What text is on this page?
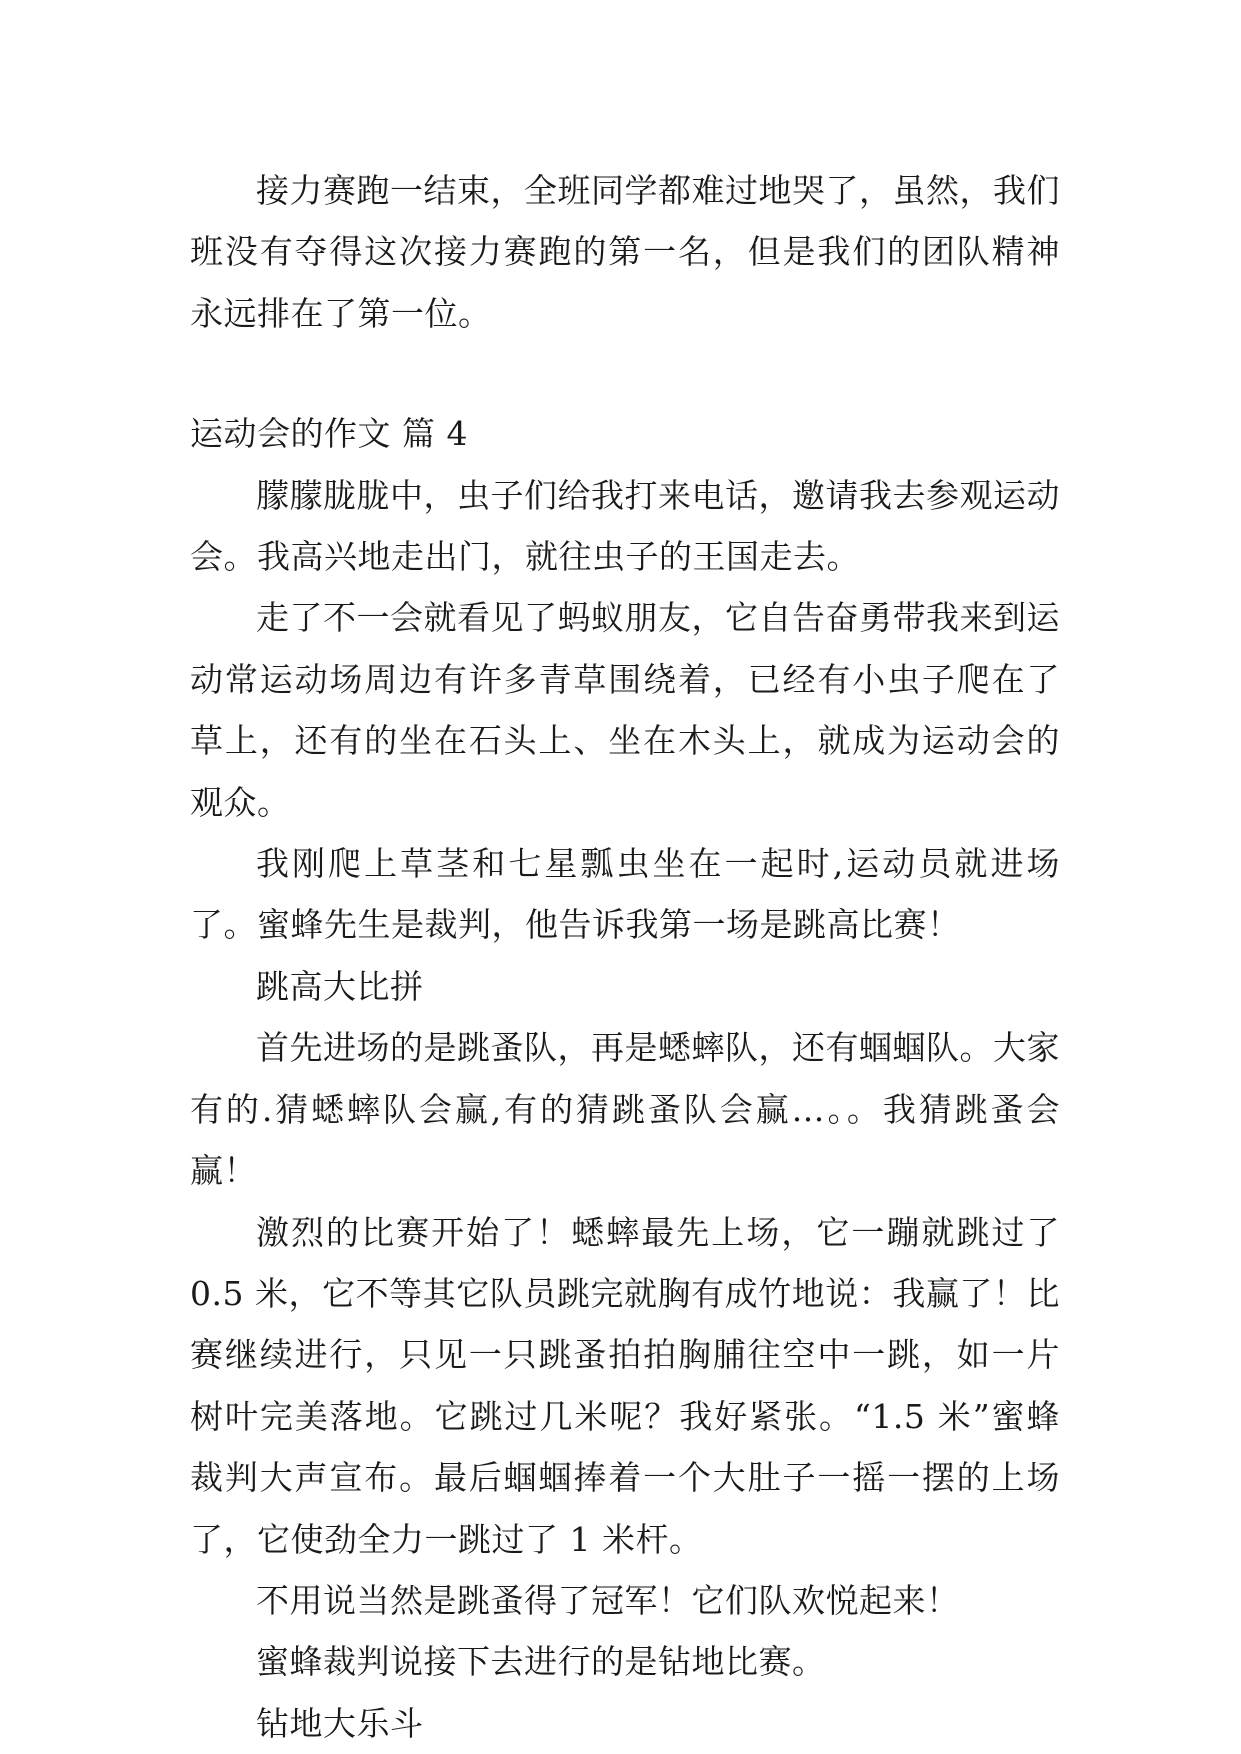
接力赛跑一结束，全班同学都难过地哭了，虽然，我们班没有夺得这次接力赛跑的第一名，但是我们的团队精神永远排在了第一位。

运动会的作文 篇 4

朦朦胧胧中，虫子们给我打来电话，邀请我去参观运动会。我高兴地走出门，就往虫子的王国走去。

走了不一会就看见了蚂蚁朋友，它自告奋勇带我来到运动常运动场周边有许多青草围绕着，已经有小虫子爬在了草上，还有的坐在石头上、坐在木头上，就成为运动会的观众。

我刚爬上草茎和七星瓢虫坐在一起时,运动员就进场了。蜜蜂先生是裁判，他告诉我第一场是跳高比赛！

跳高大比拼

首先进场的是跳蚤队，再是蟋蟀队，还有蝈蝈队。大家有的.猜蟋蟀队会赢,有的猜跳蚤队会赢…。。我猜跳蚤会赢！

激烈的比赛开始了！蟋蟀最先上场，它一蹦就跳过了 0.5 米，它不等其它队员跳完就胸有成竹地说：我赢了！比赛继续进行，只见一只跳蚤拍拍胸脯往空中一跳，如一片树叶完美落地。它跳过几米呢？我好紧张。“1.5 米”蜜蜂裁判大声宣布。最后蝈蝈捧着一个大肚子一摇一摆的上场了，它使劲全力一跳过了 1 米杆。

不用说当然是跳蚤得了冠军！它们队欢悦起来！

蜜蜂裁判说接下去进行的是钻地比赛。

钻地大乐斗
